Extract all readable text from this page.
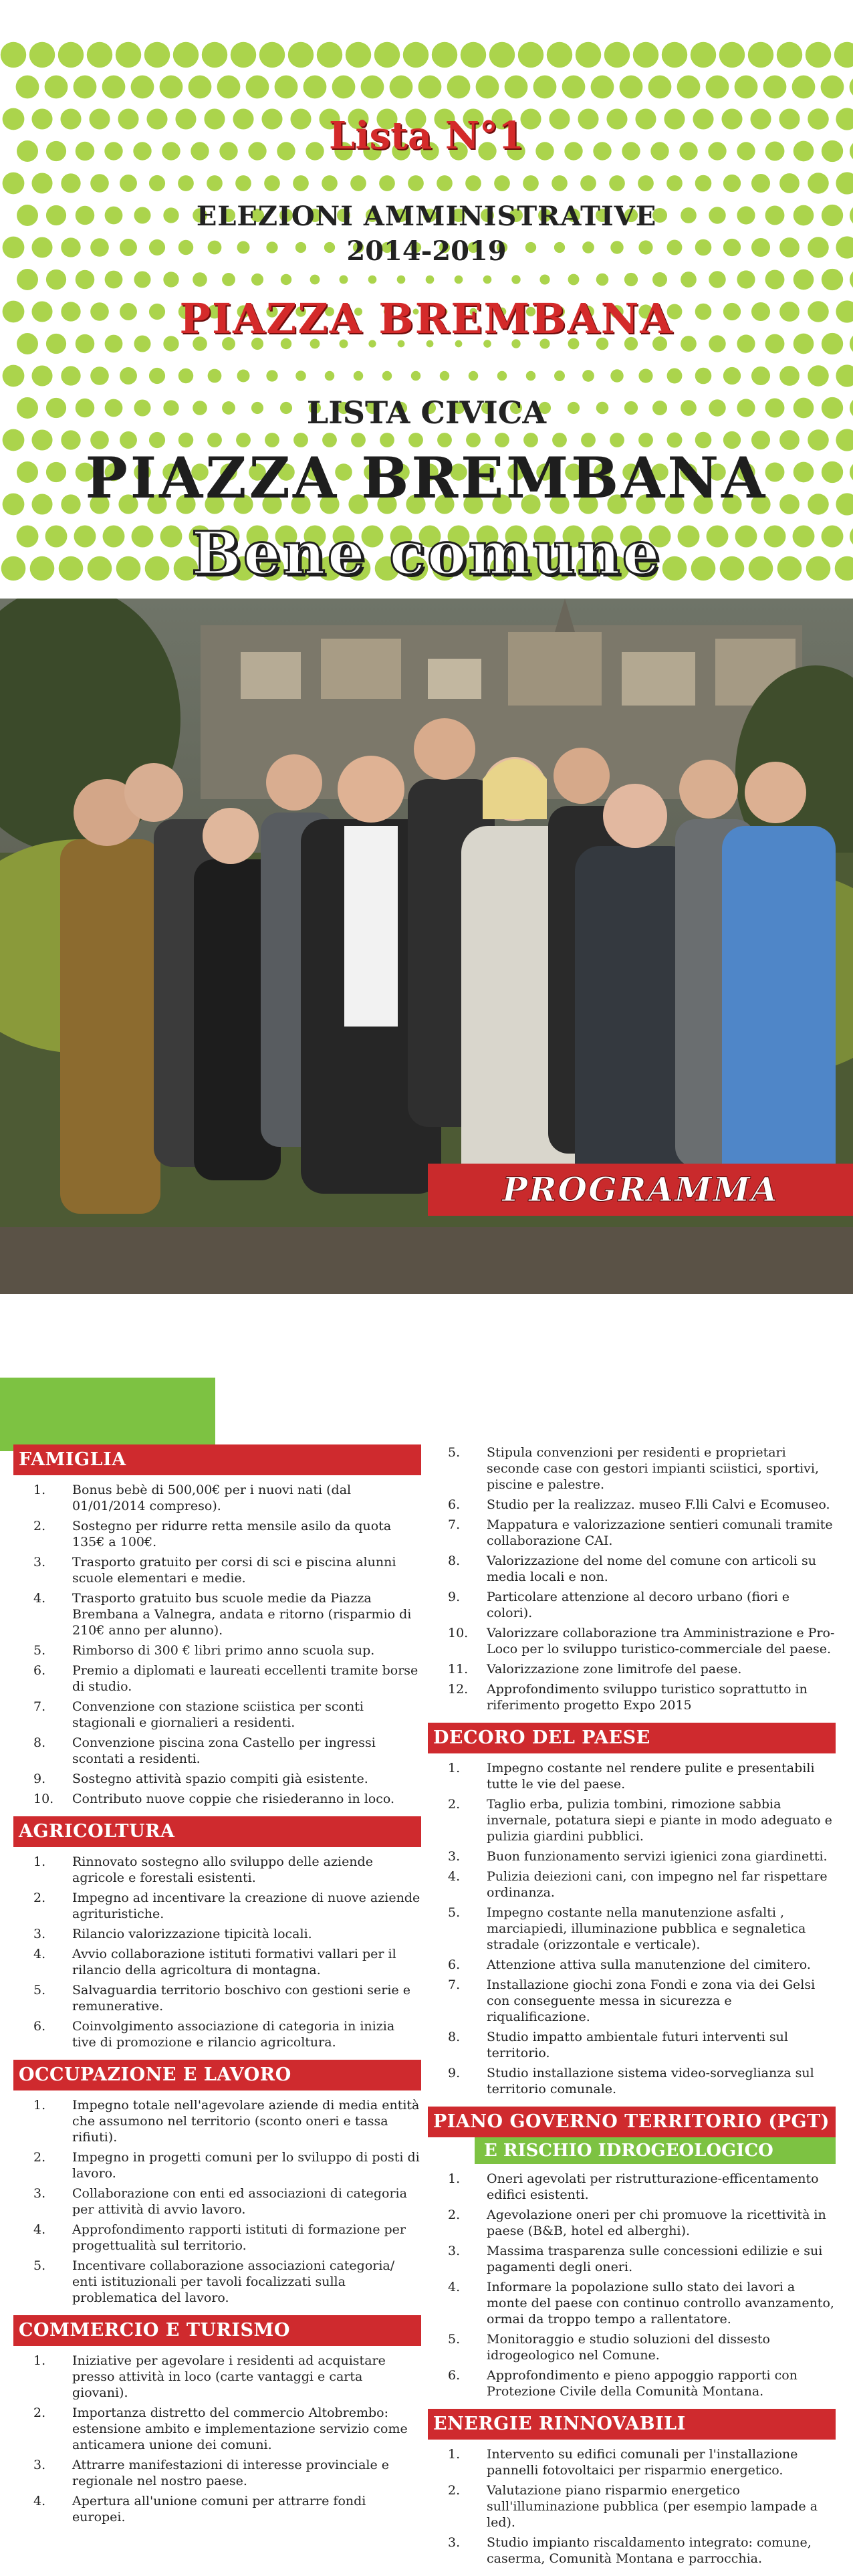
Lista N°1
ELEZIONI AMMINISTRATIVE
2014-2019
PIAZZA BREMBANA
LISTA CIVICA
PIAZZA BREMBANA
Bene comune
PROGRAMMA
FAMIGLIA
1.	Bonus bebè di 500,00€ per i nuovi nati (dal 01/01/2014 compreso).
2.	Sostegno per ridurre retta mensile asilo da quota 135€ a 100€.
3.	Trasporto gratuito per corsi di sci e piscina alunni scuole elementari e medie.
4.	Trasporto gratuito bus scuole medie da Piazza Brembana a Valnegra, andata e ritorno (risparmio di 210€ anno per alunno).
5.	Rimborso di 300 € libri primo anno scuola sup.
6.	Premio a diplomati e laureati eccellenti tramite borse di studio.
7.	Convenzione con stazione sciistica per sconti stagionali e giornalieri a residenti.
8.	Convenzione piscina zona Castello per ingressi scontati a residenti.
9.	Sostegno attività spazio compiti già esistente.
10.	Contributo nuove coppie che risiederanno in loco.
AGRICOLTURA
1.	Rinnovato sostegno allo sviluppo delle aziende agricole e forestali esistenti.
2.	Impegno ad incentivare la creazione di nuove aziende agrituristiche.
3.	Rilancio valorizzazione tipicità locali.
4.	Avvio collaborazione istituti formativi vallari per il rilancio della agricoltura di montagna.
5.	Salvaguardia territorio boschivo con gestioni serie e remunerative.
6.	Coinvolgimento associazione di categoria in inizia tive di promozione e rilancio agricoltura.
OCCUPAZIONE E LAVORO
1.	Impegno totale nell'agevolare aziende di media entità che assumono nel territorio (sconto oneri e tassa rifiuti).
2.	Impegno in progetti comuni per lo sviluppo di posti di lavoro.
3.	Collaborazione con enti ed associazioni di categoria per attività di avvio lavoro.
4.	Approfondimento rapporti istituti di formazione per progettualità sul territorio.
5.	Incentivare collaborazione associazioni categoria/ enti istituzionali per tavoli focalizzati sulla problematica del lavoro.
COMMERCIO E TURISMO
1.	Iniziative per agevolare i residenti ad acquistare presso attività in loco (carte vantaggi e carta giovani).
2.	Importanza distretto del commercio Altobrembo: estensione ambito e implementazione servizio come anticamera unione dei comuni.
3.	Attrarre manifestazioni di interesse provinciale e regionale nel nostro paese.
4.	Apertura all'unione comuni per attrarre fondi europei.
5.	Stipula convenzioni per residenti e proprietari seconde case con gestori impianti sciistici, sportivi, piscine e palestre.
6.	Studio per la realizzaz. museo F.lli Calvi e Ecomuseo.
7.	Mappatura e valorizzazione sentieri comunali tramite collaborazione CAI.
8.	Valorizzazione del nome del comune con articoli su media locali e non.
9.	Particolare attenzione al decoro urbano (fiori e colori).
10.	Valorizzare collaborazione tra Amministrazione e Pro-Loco per lo sviluppo turistico-commerciale del paese.
11.	Valorizzazione zone limitrofe del paese.
12.	Approfondimento sviluppo turistico soprattutto in riferimento progetto Expo 2015
DECORO DEL PAESE
1.	Impegno costante nel rendere pulite e presentabili tutte le vie del paese.
2.	Taglio erba, pulizia tombini, rimozione sabbia invernale, potatura siepi e piante in modo adeguato e pulizia giardini pubblici.
3.	Buon funzionamento servizi igienici zona giardinetti.
4.	Pulizia deiezioni cani, con impegno nel far rispettare ordinanza.
5.	Impegno costante nella manutenzione asfalti , marciapiedi, illuminazione pubblica e segnaletica stradale (orizzontale e verticale).
6.	Attenzione attiva sulla manutenzione del cimitero.
7.	Installazione giochi zona Fondi e zona via dei Gelsi con conseguente messa in sicurezza e riqualificazione.
8.	Studio impatto ambientale futuri interventi sul territorio.
9.	Studio installazione sistema video-sorveglianza sul territorio comunale.
PIANO GOVERNO TERRITORIO (PGT)
E RISCHIO IDROGEOLOGICO
1.	Oneri agevolati per ristrutturazione-efficentamento edifici esistenti.
2.	Agevolazione oneri per chi promuove la ricettività in paese (B&B, hotel ed alberghi).
3.	Massima trasparenza sulle concessioni edilizie e sui pagamenti degli oneri.
4.	Informare la popolazione sullo stato dei lavori a monte del paese con continuo controllo avanzamento, ormai da troppo tempo a rallentatore.
5.	Monitoraggio e studio soluzioni del dissesto idrogeologico nel Comune.
6.	Approfondimento e pieno appoggio rapporti con Protezione Civile della Comunità Montana.
ENERGIE RINNOVABILI
1.	Intervento su edifici comunali per l'installazione pannelli fotovoltaici per risparmio energetico.
2.	Valutazione piano risparmio energetico sull'illuminazione pubblica (per esempio lampade a led).
3.	Studio impianto riscaldamento integrato: comune, caserma, Comunità Montana e parrocchia.
